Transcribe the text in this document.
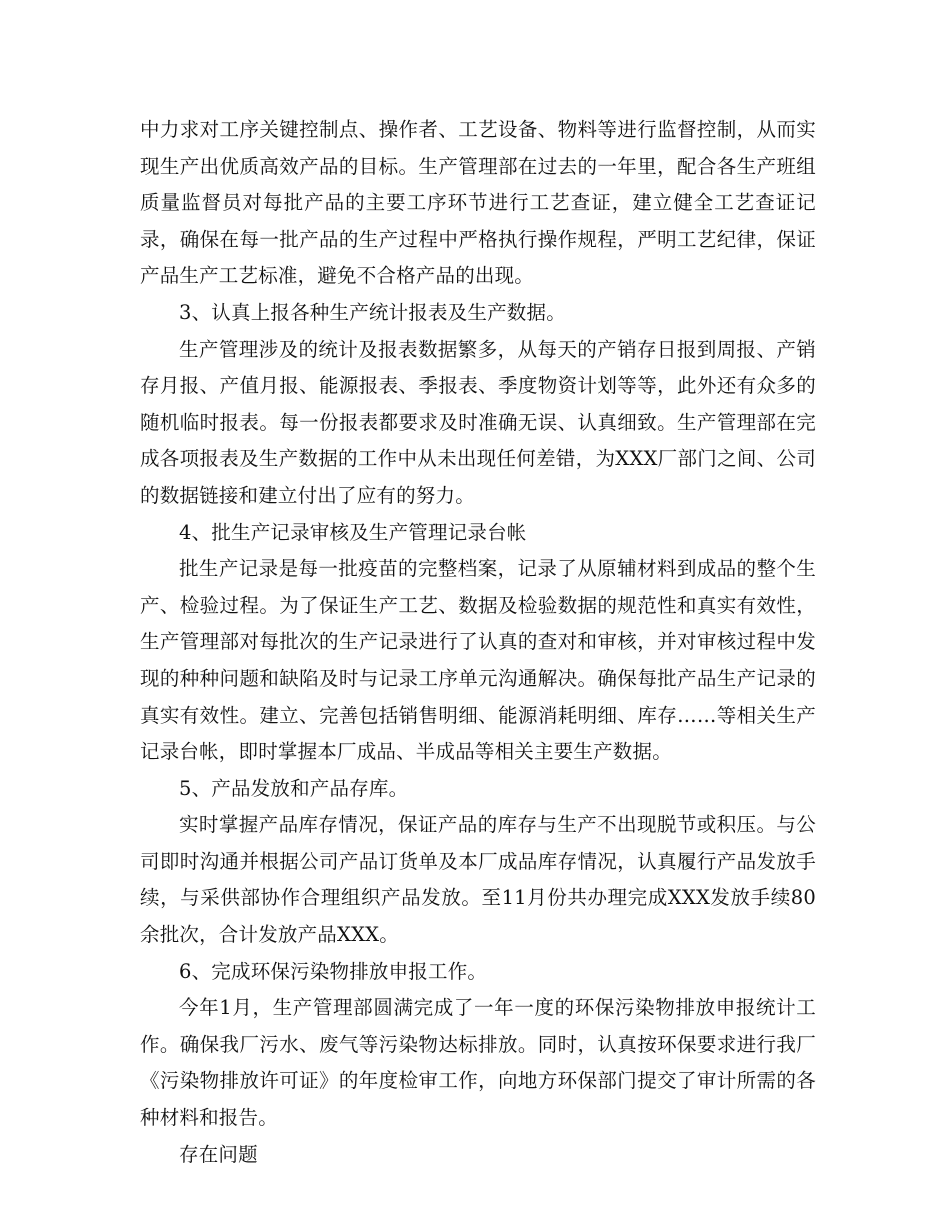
中力求对工序关键控制点、操作者、工艺设备、物料等进行监督控制，从而实现生产出优质高效产品的目标。生产管理部在过去的一年里，配合各生产班组质量监督员对每批产品的主要工序环节进行工艺查证，建立健全工艺查证记录，确保在每一批产品的生产过程中严格执行操作规程，严明工艺纪律，保证产品生产工艺标准，避免不合格产品的出现。

3、认真上报各种生产统计报表及生产数据。

生产管理涉及的统计及报表数据繁多，从每天的产销存日报到周报、产销存月报、产值月报、能源报表、季报表、季度物资计划等等，此外还有众多的随机临时报表。每一份报表都要求及时准确无误、认真细致。生产管理部在完成各项报表及生产数据的工作中从未出现任何差错，为XXX厂部门之间、公司的数据链接和建立付出了应有的努力。

4、批生产记录审核及生产管理记录台帐

批生产记录是每一批疫苗的完整档案，记录了从原辅材料到成品的整个生产、检验过程。为了保证生产工艺、数据及检验数据的规范性和真实有效性，生产管理部对每批次的生产记录进行了认真的查对和审核，并对审核过程中发现的种种问题和缺陷及时与记录工序单元沟通解决。确保每批产品生产记录的真实有效性。建立、完善包括销售明细、能源消耗明细、库存……等相关生产记录台帐，即时掌握本厂成品、半成品等相关主要生产数据。

5、产品发放和产品存库。

实时掌握产品库存情况，保证产品的库存与生产不出现脱节或积压。与公司即时沟通并根据公司产品订货单及本厂成品库存情况，认真履行产品发放手续，与采供部协作合理组织产品发放。至11月份共办理完成XXX发放手续80余批次，合计发放产品XXX。

6、完成环保污染物排放申报工作。

今年1月，生产管理部圆满完成了一年一度的环保污染物排放申报统计工作。确保我厂污水、废气等污染物达标排放。同时，认真按环保要求进行我厂《污染物排放许可证》的年度检审工作，向地方环保部门提交了审计所需的各种材料和报告。

存在问题
